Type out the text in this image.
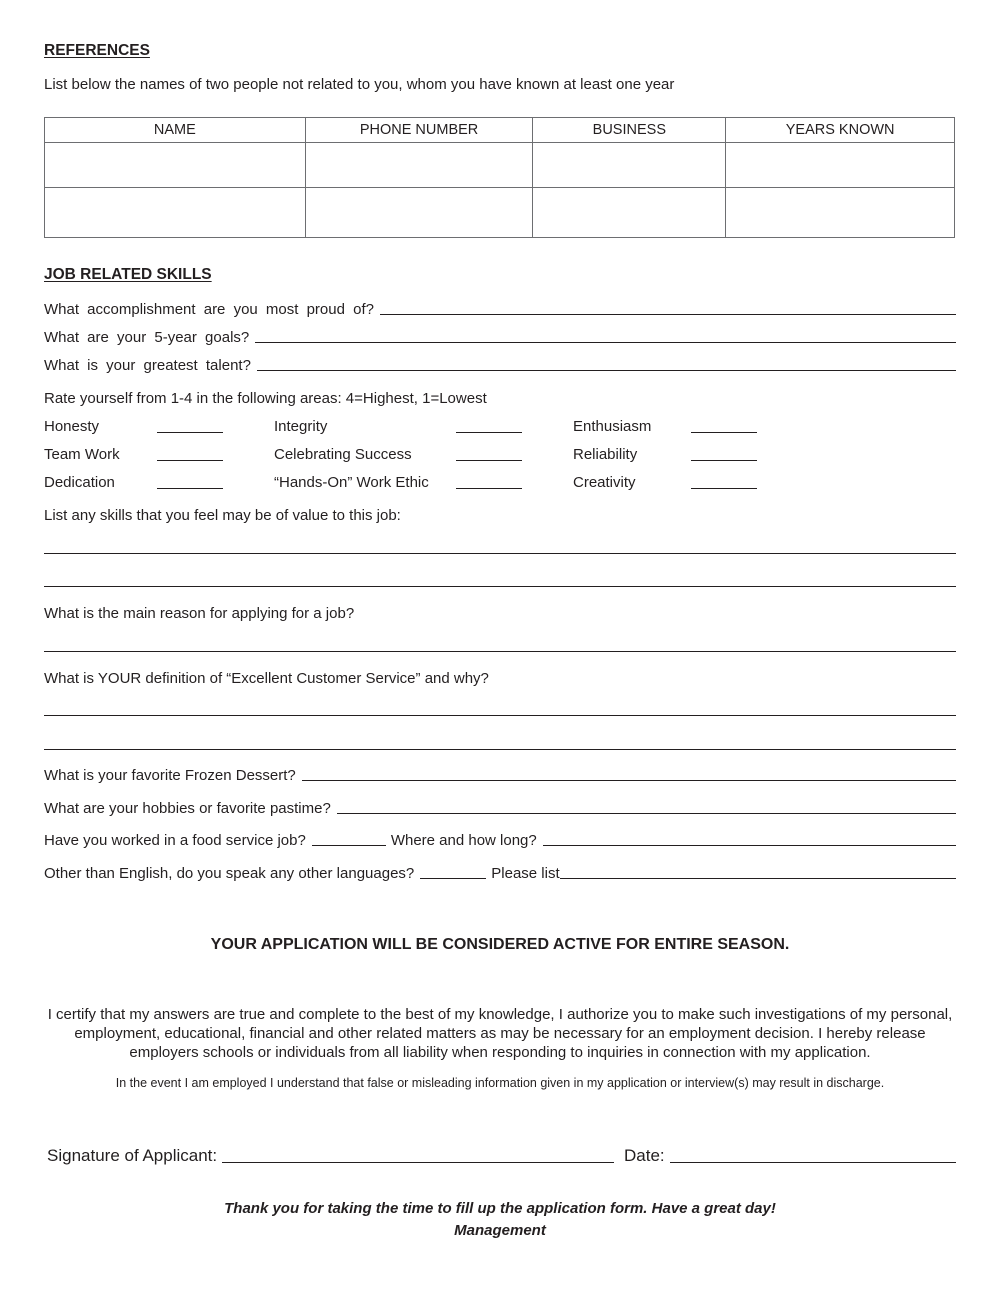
REFERENCES
List below the names of two people not related to you, whom you have known at least one year
NAME	PHONE NUMBER	BUSINESS	YEARS KNOWN

JOB RELATED SKILLS
What accomplishment are you most proud of?
What are your 5-year goals?
What is your greatest talent?
Rate yourself from 1-4 in the following areas: 4=Highest, 1=Lowest
Honesty	Integrity	Enthusiasm
Team Work	Celebrating Success	Reliability
Dedication	“Hands-On” Work Ethic	Creativity
List any skills that you feel may be of value to this job:
What is the main reason for applying for a job?
What is YOUR definition of “Excellent Customer Service” and why?
What is your favorite Frozen Dessert?
What are your hobbies or favorite pastime?
Have you worked in a food service job?	Where and how long?
Other than English, do you speak any other languages?	Please list
YOUR APPLICATION WILL BE CONSIDERED ACTIVE FOR ENTIRE SEASON.
I certify that my answers are true and complete to the best of my knowledge, I authorize you to make such investigations of my personal, employment, educational, financial and other related matters as may be necessary for an employment decision. I hereby release employers schools or individuals from all liability when responding to inquiries in connection with my application.
In the event I am employed I understand that false or misleading information given in my application or interview(s) may result in discharge.
Signature of Applicant:	Date:
Thank you for taking the time to fill up the application form. Have a great day!
Management
